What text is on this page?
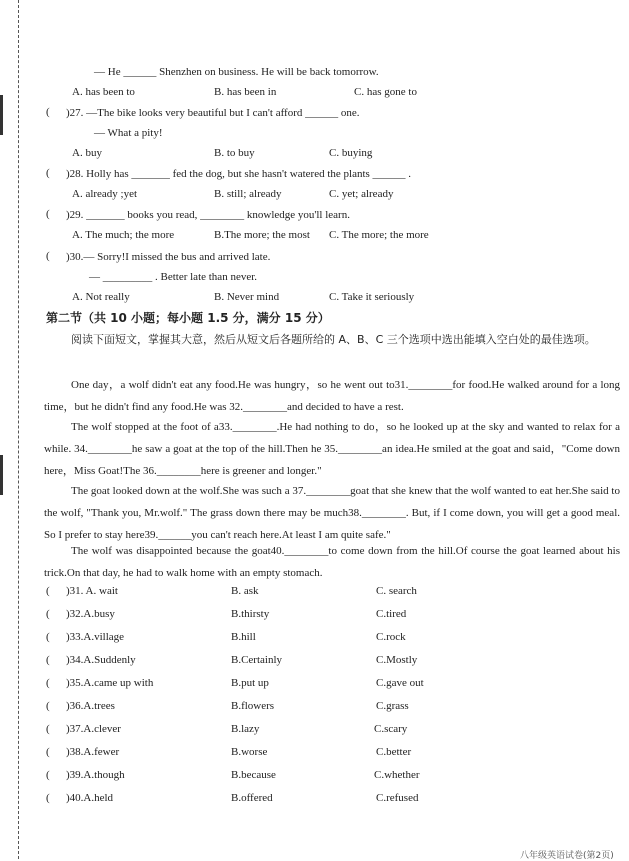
— He ______ Shenzhen on business. He will be back tomorrow.
A. has been to	B. has been in	C. has gone to
( )27. —The bike looks very beautiful but I can't afford ______ one.
— What a pity!
A. buy	B. to buy	C. buying
( )28. Holly has _______ fed the dog, but she hasn't watered the plants ______ .
A. already ;yet	B. still; already	C. yet; already
( )29. _______ books you read, ________ knowledge you'll learn.
A. The much; the more	B.The more; the most C. The more; the more
( )30.— Sorry!I missed the bus and arrived late.
— _________ . Better late than never.
A. Not really	B. Never mind	C. Take it seriously
第二节（共 10 小题；每小题 1.5 分，满分 15 分）
阅读下面短文，掌握其大意，然后从短文后各题所给的 A、B、C 三个选项中选出能填入空白处的最佳选项。
One day，a wolf didn't eat any food.He was hungry，so he went out to31.________for food.He walked around for a long time，but he didn't find any food.He was 32.________and decided to have a rest.
The wolf stopped at the foot of a33.________.He had nothing to do，so he looked up at the sky and wanted to relax for a while. 34.________he saw a goat at the top of the hill.Then he 35.________an idea.He smiled at the goat and said，"Come down here，Miss Goat!The 36.________here is greener and longer."
The goat looked down at the wolf.She was such a 37.________goat that she knew that the wolf wanted to eat her.She said to the wolf, "Thank you, Mr.wolf." The grass down there may be much38.________. But, if I come down, you will get a good meal. So I prefer to stay here39.______you can't reach here.At least I am quite safe."
The wolf was disappointed because the goat40.________to come down from the hill.Of course the goat learned about his trick.On that day, he had to walk home with an empty stomach.
( )31. A. wait	B. ask	C. search
( )32.A.busy	B.thirsty	C.tired
( )33.A.village	B.hill	C.rock
( )34.A.Suddenly	B.Certainly	C.Mostly
( )35.A.came up with	B.put up	C.gave out
( )36.A.trees	B.flowers	C.grass
( )37.A.clever	B.lazy	C.scary
( )38.A.fewer	B.worse	C.better
( )39.A.though	B.because	C.whether
( )40.A.held	B.offered	C.refused
八年级英语试卷(第2页)
